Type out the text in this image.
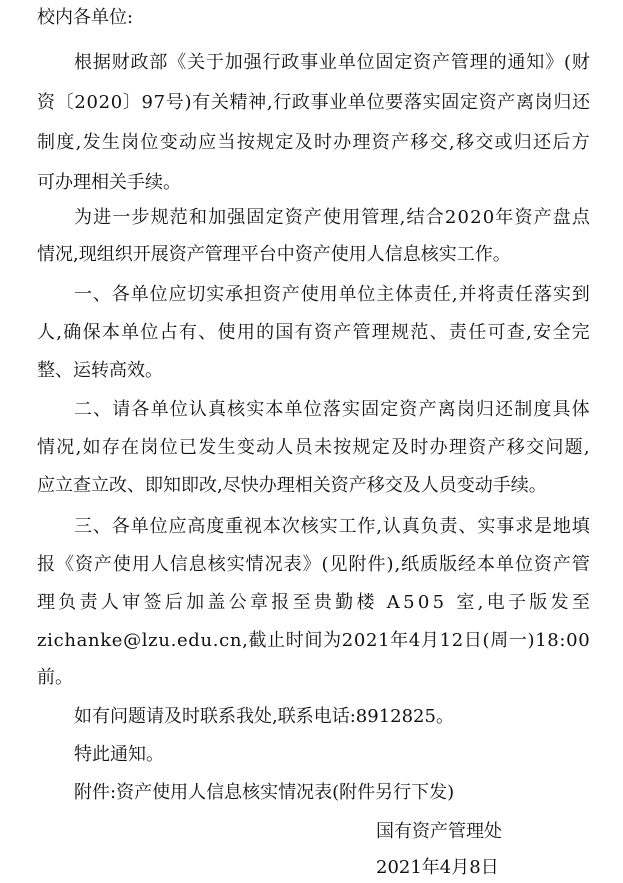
校内各单位:
根 据 财 政 部 《 关 于 加 强 行 政 事 业 单 位 固 定 资 产 管 理 的 通 知 》 ( 财
资 〔 2 0 2 0 〕 9 7 号 ) 有 关 精 神 , 行 政 事 业 单 位 要 落 实 固 定 资 产 离 岗 归 还
制 度 , 发 生 岗 位 变 动 应 当 按 规 定 及 时 办 理 资 产 移 交 , 移 交 或 归 还 后 方
可办理相关手续。
为 进 一 步 规 范 和 加 强 固 定 资 产 使 用 管 理 , 结 合 2 0 2 0 年 资 产 盘 点
情况,现组织开展资产管理平台中资产使用人信息核实工作。
一 、 各 单 位 应 切 实 承 担 资 产 使 用 单 位 主 体 责 任 , 并 将 责 任 落 实 到
人 , 确 保 本 单 位 占 有 、 使 用 的 国 有 资 产 管 理 规 范 、 责 任 可 查 , 安 全 完
整、运转高效。
二 、 请 各 单 位 认 真 核 实 本 单 位 落 实 固 定 资 产 离 岗 归 还 制 度 具 体
情 况 , 如 存 在 岗 位 已 发 生 变 动 人 员 未 按 规 定 及 时 办 理 资 产 移 交 问 题 ,
应立查立改、即知即改,尽快办理相关资产移交及人员变动手续。
三 、 各 单 位 应 高 度 重 视 本 次 核 实 工 作 , 认 真 负 责 、 实 事 求 是 地 填
报 《 资 产 使 用 人 信 息 核 实 情 况 表 》 ( 见 附 件 ) , 纸 质 版 经 本 单 位 资 产 管
理 负 责 人 审 签 后 加 盖 公 章 报 至 贵 勤 楼
A 5 0 5
室 , 电 子 版 发 至
z i c h a n k e @ l z u . e d u . c n , 截 止 时 间 为 2 0 2 1 年 4 月 1 2 日 ( 周 一 ) 1 8 : 0 0
前。
如有问题请及时联系我处,联系电话:8912825。
特此通知。
附件:资产使用人信息核实情况表(附件另行下发)
国有资产管理处
2021年4月8日
